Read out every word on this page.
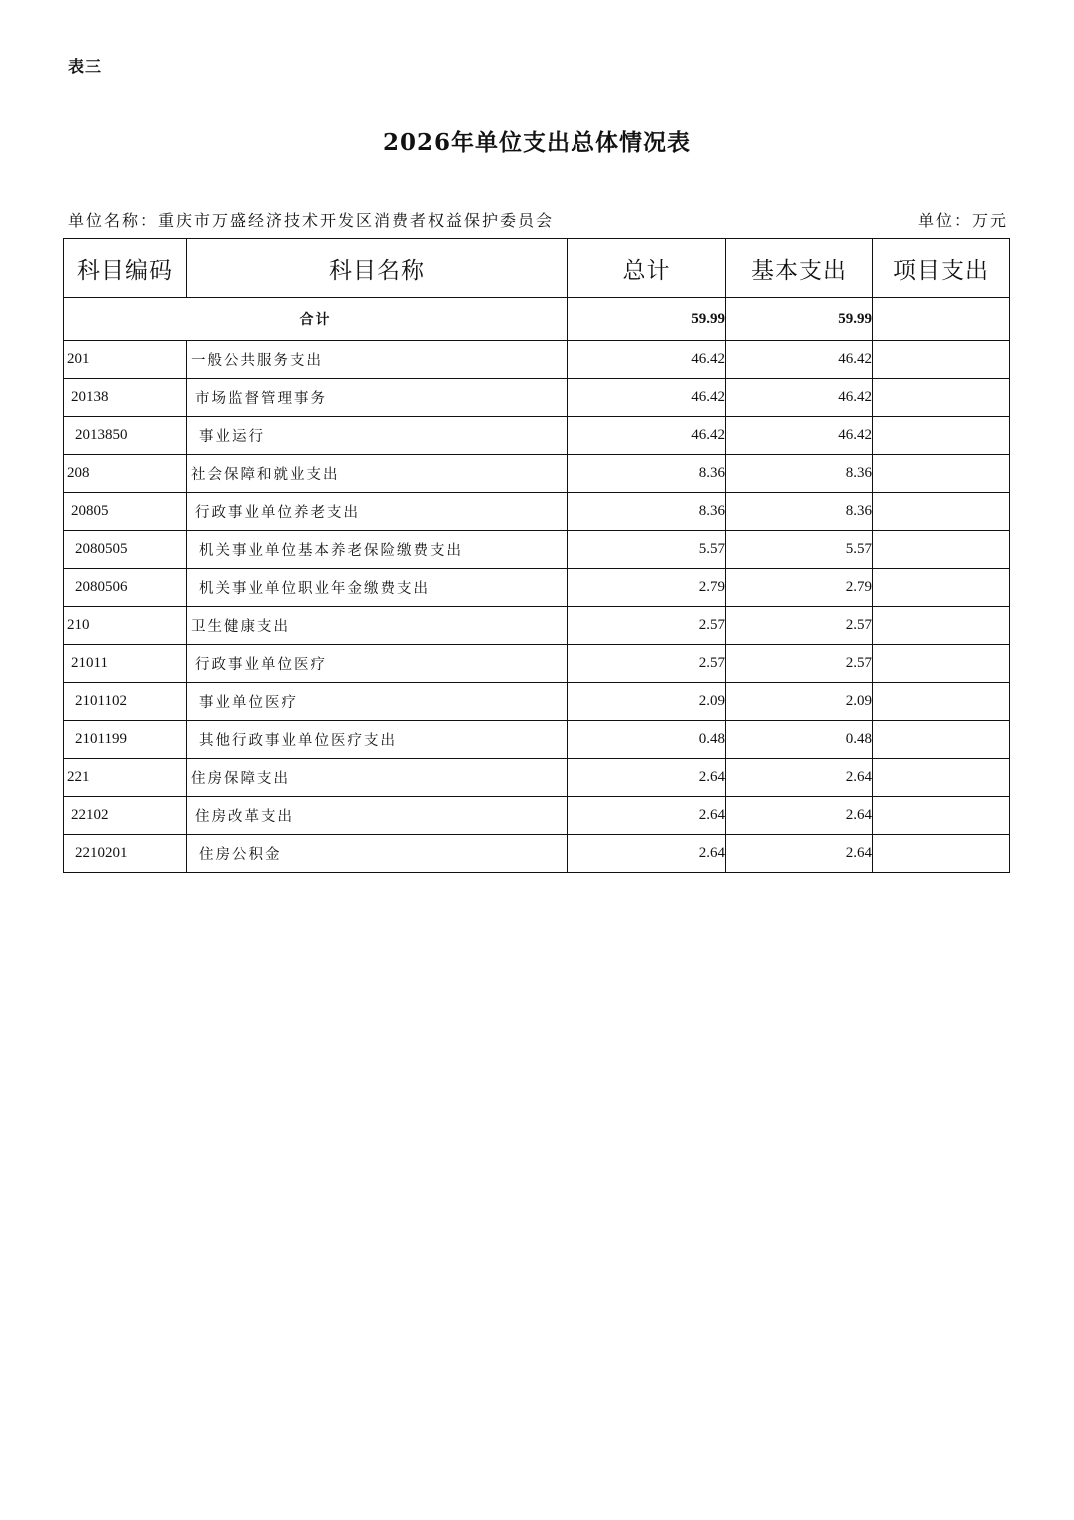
表三
2026年单位支出总体情况表
单位名称：重庆市万盛经济技术开发区消费者权益保护委员会	单位：万元
科目编码	科目名称	总计	基本支出	项目支出
合计		59.99	59.99	
201	一般公共服务支出	46.42	46.42	
20138	市场监督管理事务	46.42	46.42	
2013850	事业运行	46.42	46.42	
208	社会保障和就业支出	8.36	8.36	
20805	行政事业单位养老支出	8.36	8.36	
2080505	机关事业单位基本养老保险缴费支出	5.57	5.57	
2080506	机关事业单位职业年金缴费支出	2.79	2.79	
210	卫生健康支出	2.57	2.57	
21011	行政事业单位医疗	2.57	2.57	
2101102	事业单位医疗	2.09	2.09	
2101199	其他行政事业单位医疗支出	0.48	0.48	
221	住房保障支出	2.64	2.64	
22102	住房改革支出	2.64	2.64	
2210201	住房公积金	2.64	2.64	
